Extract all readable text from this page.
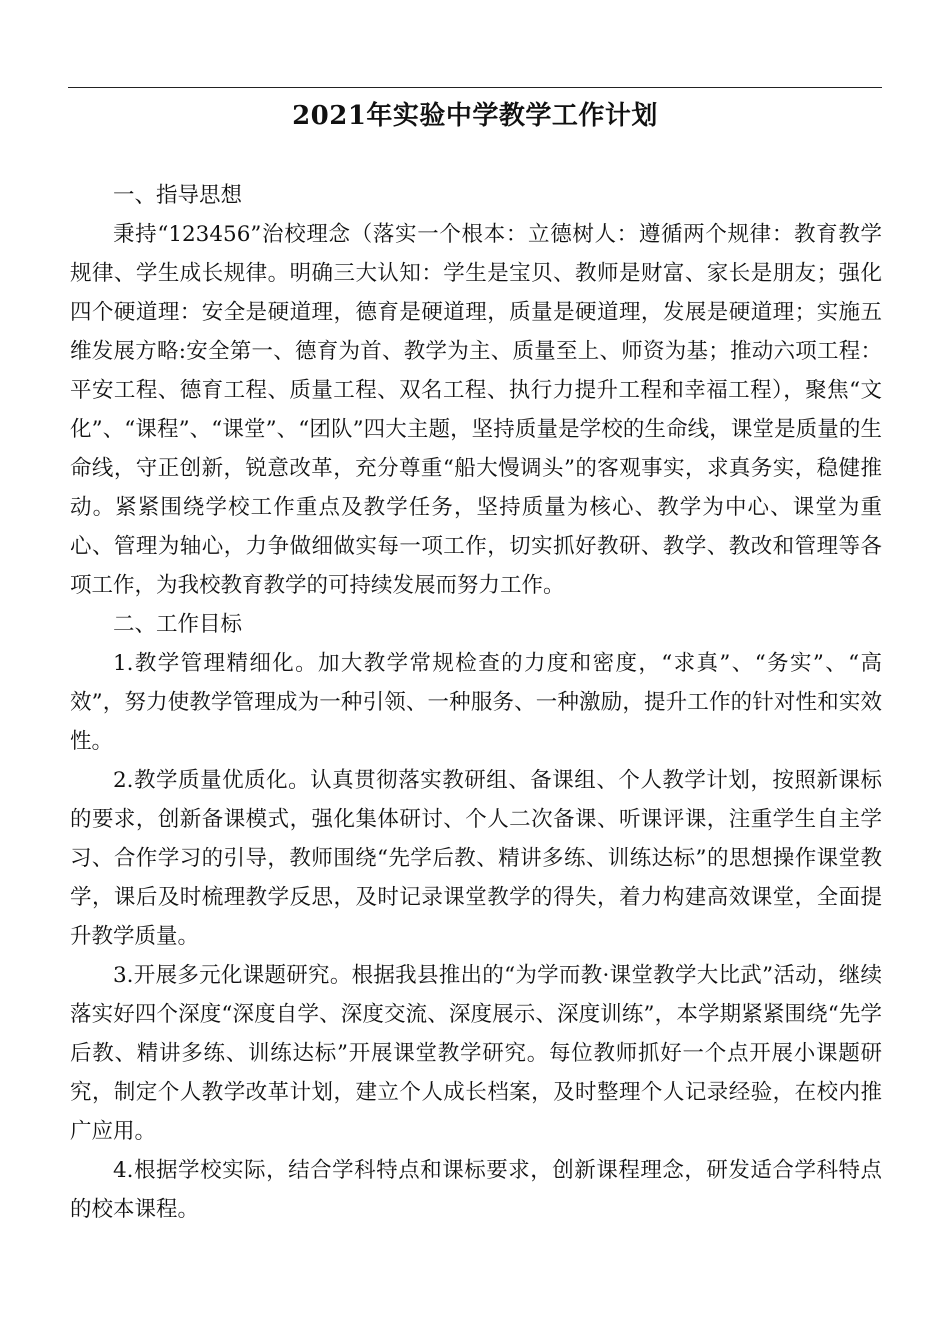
2021年实验中学教学工作计划

一、指导思想

秉持“123456”治校理念（落实一个根本：立德树人：遵循两个规律：教育教学规律、学生成长规律。明确三大认知：学生是宝贝、教师是财富、家长是朋友；强化四个硬道理：安全是硬道理，德育是硬道理，质量是硬道理，发展是硬道理；实施五维发展方略:安全第一、德育为首、教学为主、质量至上、师资为基；推动六项工程：平安工程、德育工程、质量工程、双名工程、执行力提升工程和幸福工程），聚焦“文化”、“课程”、“课堂”、“团队”四大主题，坚持质量是学校的生命线，课堂是质量的生命线，守正创新，锐意改革，充分尊重“船大慢调头”的客观事实，求真务实，稳健推动。紧紧围绕学校工作重点及教学任务，坚持质量为核心、教学为中心、课堂为重心、管理为轴心，力争做细做实每一项工作，切实抓好教研、教学、教改和管理等各项工作，为我校教育教学的可持续发展而努力工作。

二、工作目标

1.教学管理精细化。加大教学常规检查的力度和密度，“求真”、“务实”、“高效”，努力使教学管理成为一种引领、一种服务、一种激励，提升工作的针对性和实效性。

2.教学质量优质化。认真贯彻落实教研组、备课组、个人教学计划，按照新课标的要求，创新备课模式，强化集体研讨、个人二次备课、听课评课，注重学生自主学习、合作学习的引导，教师围绕“先学后教、精讲多练、训练达标”的思想操作课堂教学，课后及时梳理教学反思，及时记录课堂教学的得失，着力构建高效课堂，全面提升教学质量。

3.开展多元化课题研究。根据我县推出的“为学而教·课堂教学大比武”活动，继续落实好四个深度“深度自学、深度交流、深度展示、深度训练”，本学期紧紧围绕“先学后教、精讲多练、训练达标”开展课堂教学研究。每位教师抓好一个点开展小课题研究，制定个人教学改革计划，建立个人成长档案，及时整理个人记录经验，在校内推广应用。

4.根据学校实际，结合学科特点和课标要求，创新课程理念，研发适合学科特点的校本课程。
